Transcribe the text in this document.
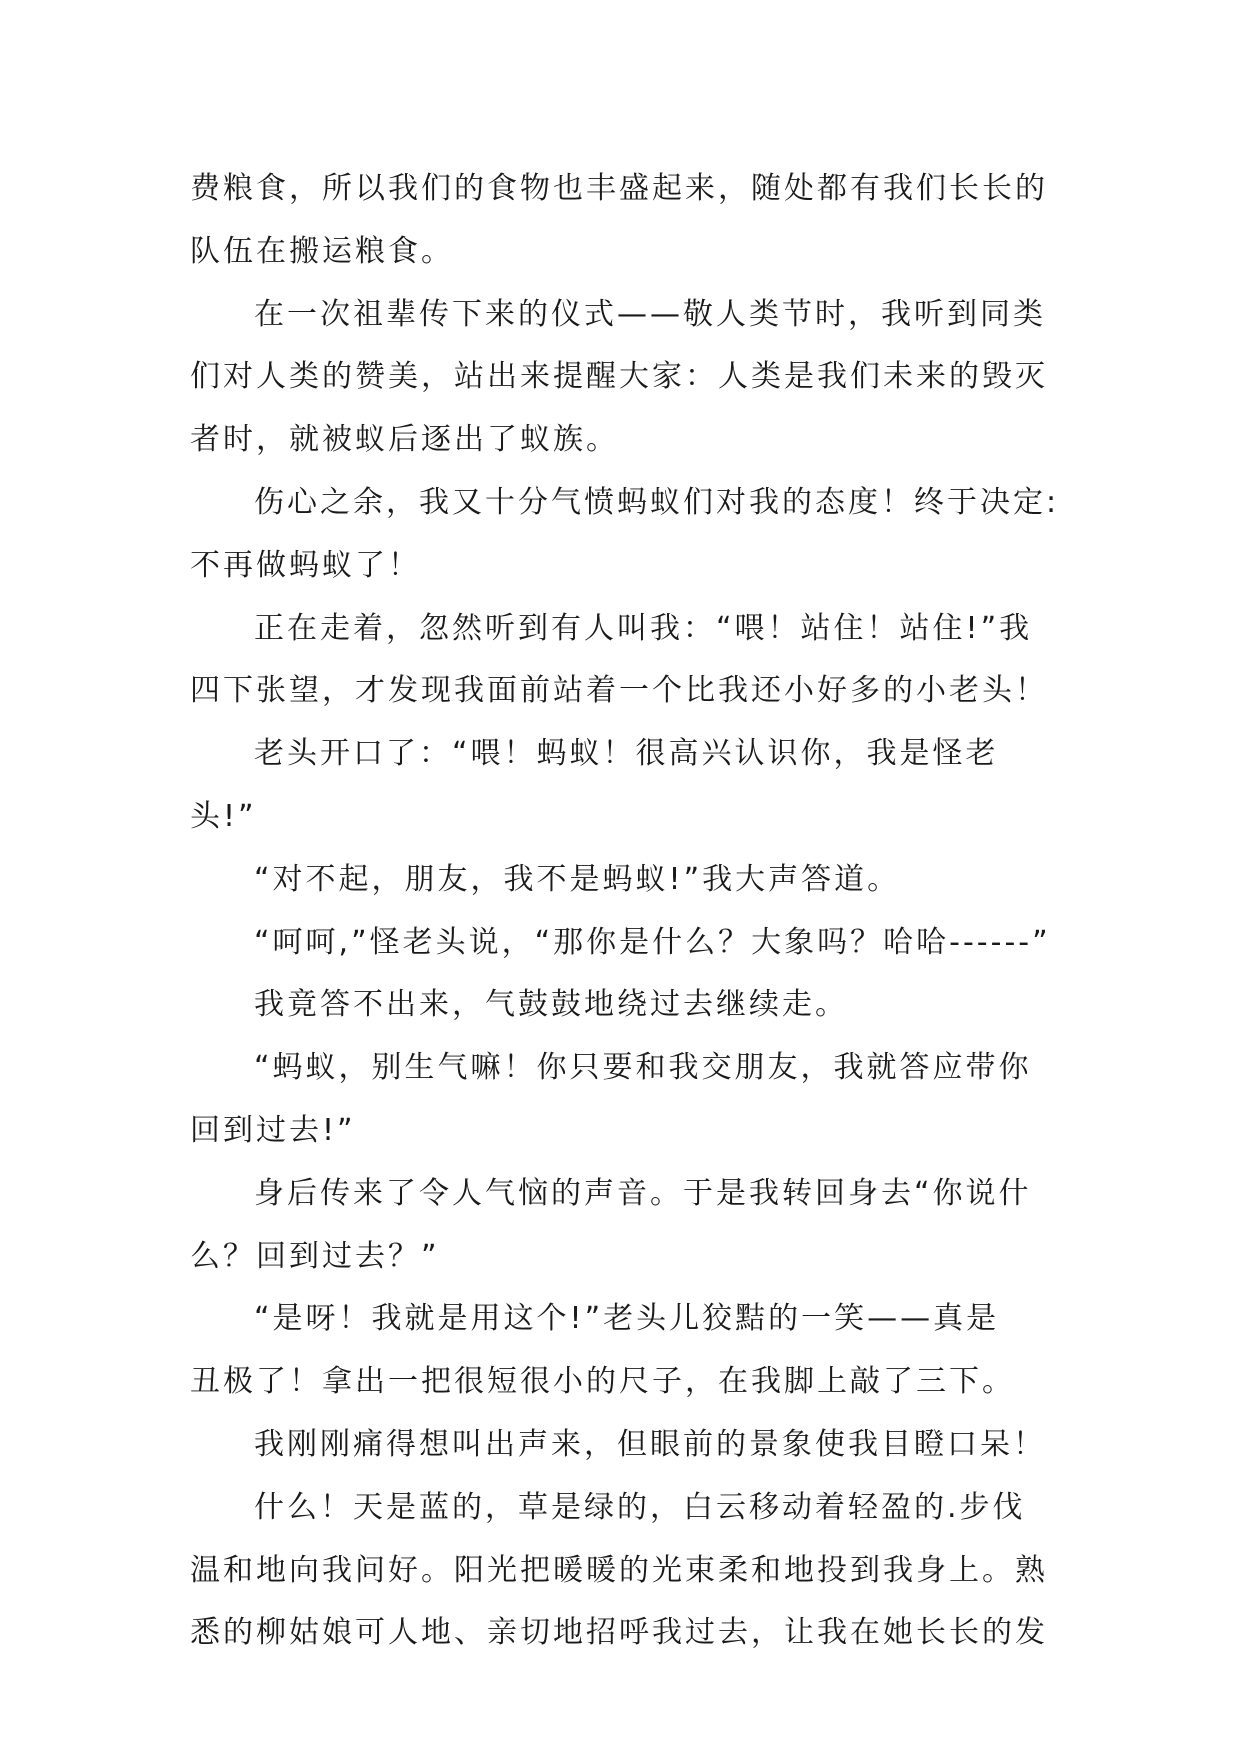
费粮食，所以我们的食物也丰盛起来，随处都有我们长长的
队伍在搬运粮食。
在一次祖辈传下来的仪式——敬人类节时，我听到同类
们对人类的赞美，站出来提醒大家：人类是我们未来的毁灭
者时，就被蚁后逐出了蚁族。
伤心之余，我又十分气愤蚂蚁们对我的态度！终于决定:
不再做蚂蚁了！
正在走着，忽然听到有人叫我：“喂！站住！站住!”我
四下张望，才发现我面前站着一个比我还小好多的小老头！
老头开口了：“喂！蚂蚁！很高兴认识你，我是怪老
头!”
“对不起，朋友，我不是蚂蚁!”我大声答道。
“呵呵,”怪老头说，“那你是什么？大象吗？哈哈------”
我竟答不出来，气鼓鼓地绕过去继续走。
“蚂蚁，别生气嘛！你只要和我交朋友，我就答应带你
回到过去!”
身后传来了令人气恼的声音。于是我转回身去“你说什
么？回到过去？”
“是呀！我就是用这个!”老头儿狡黠的一笑——真是
丑极了！拿出一把很短很小的尺子，在我脚上敲了三下。
我刚刚痛得想叫出声来，但眼前的景象使我目瞪口呆！
什么！天是蓝的，草是绿的，白云移动着轻盈的.步伐
温和地向我问好。阳光把暖暖的光束柔和地投到我身上。熟
悉的柳姑娘可人地、亲切地招呼我过去，让我在她长长的发
